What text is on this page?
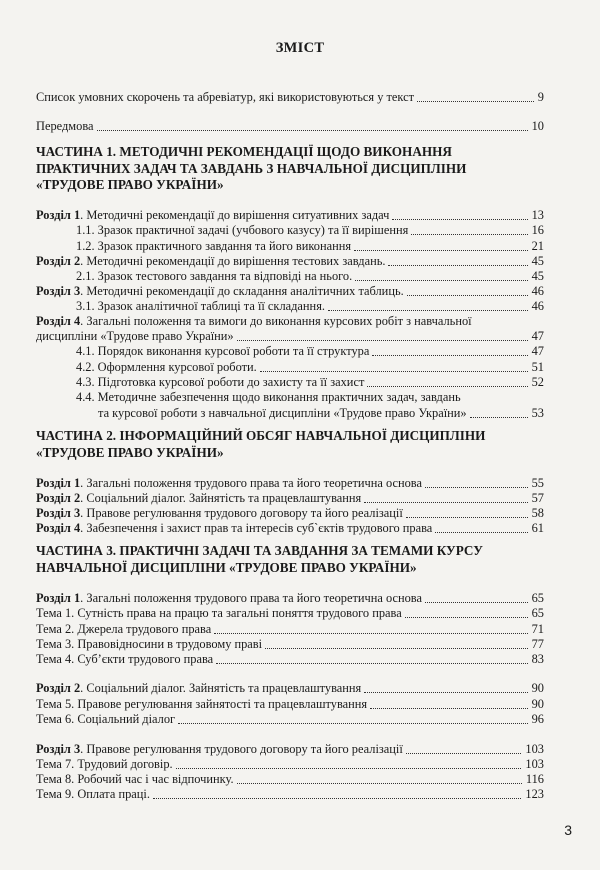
ЗМІСТ
Список умовних скорочень та абревіатур, які використовуються у текст	9
Передмова	10
Розділ 1. Методичні рекомендації до вирішення ситуативних задач	13
1.1. Зразок практичної задачі (учбового казусу) та її вирішення	16
1.2. Зразок практичного завдання та його виконання	21
Розділ 2. Методичні рекомендації до вирішення тестових завдань.	45
2.1. Зразок тестового завдання та відповіді на нього.	45
Розділ 3. Методичні рекомендації до складання аналітичних таблиць.	46
3.1. Зразок аналітичної таблиці та її складання.	46
Розділ 4. Загальні положення та вимоги до виконання курсових робіт з навчальної
дисципліни «Трудове право України»	47
4.1. Порядок виконання курсової роботи та її структура	47
4.2. Оформлення курсової роботи.	51
4.3. Підготовка курсової роботи до захисту та її захист	52
4.4. Методичне забезпечення щодо виконання практичних задач, завдань
та курсової роботи з навчальної дисципліни «Трудове право України»	53
Розділ 1. Загальні положення трудового права та його теоретична основа	55
Розділ 2. Соціальний діалог. Зайнятість та працевлаштування	57
Розділ 3. Правове регулювання трудового договору та його реалізації	58
Розділ 4. Забезпечення і захист прав та інтересів суб`єктів трудового права	61
Розділ 1. Загальні положення трудового права та його теоретична основа	65
Тема 1. Сутність права на працю та загальні поняття трудового права	65
Тема 2. Джерела трудового права	71
Тема 3. Правовідносини в трудовому праві	77
Тема 4. Суб’єкти трудового права	83
Розділ 2. Соціальний діалог. Зайнятість та працевлаштування	90
Тема 5. Правове регулювання зайнятості та працевлаштування	90
Тема 6. Соціальний діалог	96
Розділ 3. Правове регулювання трудового договору та його реалізації	103
Тема 7. Трудовий договір.	103
Тема 8. Робочий час і час відпочинку.	116
Тема 9. Оплата праці.	123
ЧАСТИНА 1. МЕТОДИЧНІ РЕКОМЕНДАЦІЇ ЩОДО ВИКОНАННЯ
ПРАКТИЧНИХ ЗАДАЧ ТА ЗАВДАНЬ З НАВЧАЛЬНОЇ ДИСЦИПЛІНИ
«ТРУДОВЕ ПРАВО УКРАЇНИ»
ЧАСТИНА 2. ІНФОРМАЦІЙНИЙ ОБСЯГ НАВЧАЛЬНОЇ ДИСЦИПЛІНИ
«ТРУДОВЕ ПРАВО УКРАЇНИ»
ЧАСТИНА 3. ПРАКТИЧНІ ЗАДАЧІ ТА ЗАВДАННЯ ЗА ТЕМАМИ КУРСУ
НАВЧАЛЬНОЇ ДИСЦИПЛІНИ «ТРУДОВЕ ПРАВО УКРАЇНИ»
3
